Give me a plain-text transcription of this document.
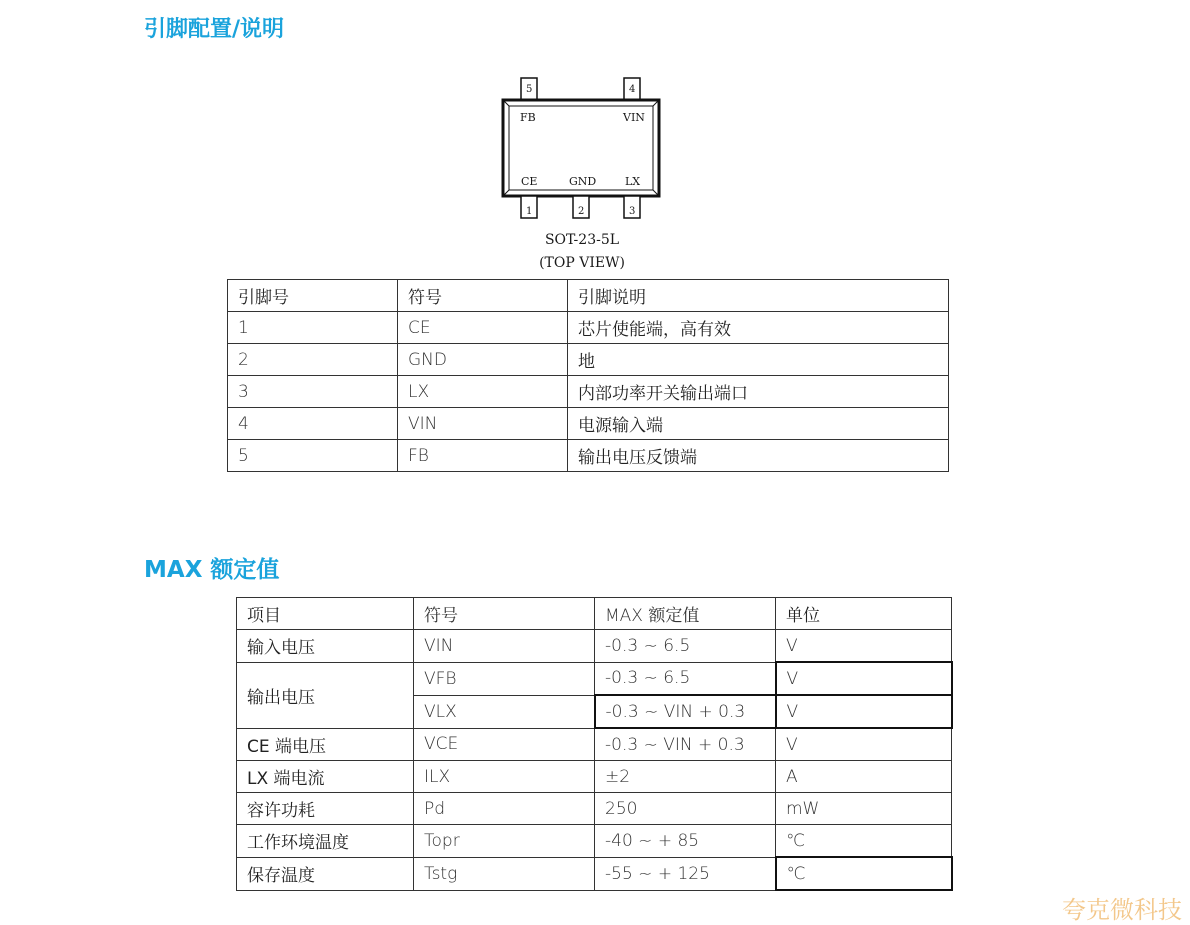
引脚配置/说明
5	4
FB	VIN
CE	GND	LX
1	2	3
SOT-23-5L
(TOP VIEW)
引脚号	符号	引脚说明
1	CE	芯片使能端，高有效
2	GND	地
3	LX	内部功率开关输出端口
4	VIN	电源输入端
5	FB	输出电压反馈端
MAX 额定值
项目	符号	MAX 额定值	单位
输入电压	VIN	-0.3 ~ 6.5	V
输出电压	VFB	-0.3 ~ 6.5	V
	VLX	-0.3 ~ VIN + 0.3	V
CE 端电压	VCE	-0.3 ~ VIN + 0.3	V
LX 端电流	ILX	±2	A
容许功耗	Pd	250	mW
工作环境温度	Topr	-40 ~ + 85	℃
保存温度	Tstg	-55 ~ + 125	℃

夸克微科技
